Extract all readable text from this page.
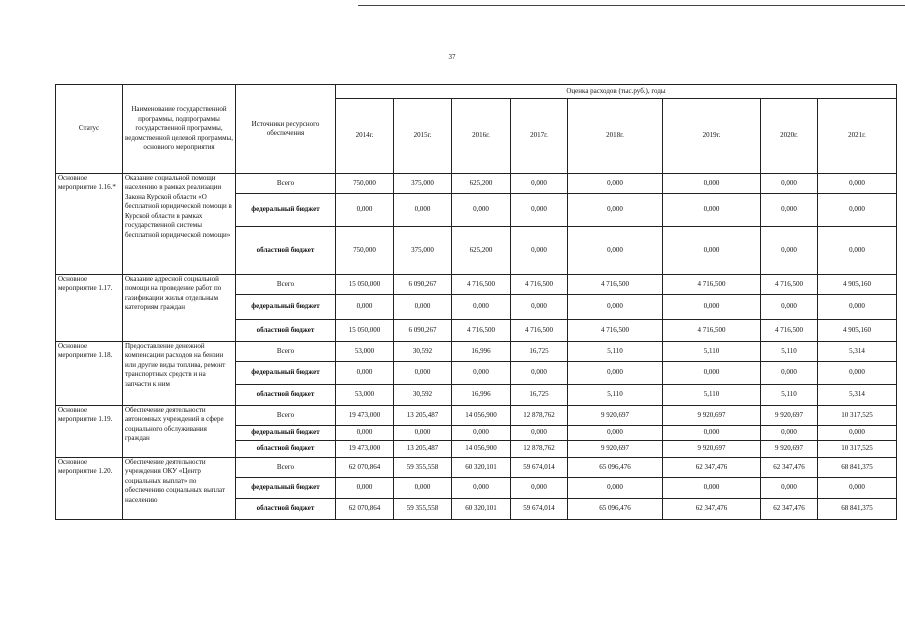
37
Статус	Наименование государственной программы, подпрограммы государственной программы, ведомственной целевой программы, основного мероприятия	Источники ресурсного обеспечения	Оценка расходов (тыс.руб.), годы							
			2014г.	2015г.	2016г.	2017г.	2018г.	2019г.	2020г.	2021г.
Основное мероприятие 1.16.*	Оказание социальной помощи населению в рамках реализации Закона Курской области «О бесплатной юридической помощи в Курской области в рамках государственной системы бесплатной юридической помощи»	Всего	750,000	375,000	625,200	0,000	0,000	0,000	0,000	0,000
		федеральный бюджет	0,000	0,000	0,000	0,000	0,000	0,000	0,000	0,000
		областной бюджет	750,000	375,000	625,200	0,000	0,000	0,000	0,000	0,000
Основное мероприятие 1.17.	Оказание адресной социальной помощи на проведение работ по газификации жилья отдельным категориям граждан	Всего	15 050,000	6 090,267	4 716,500	4 716,500	4 716,500	4 716,500	4 716,500	4 905,160
		федеральный бюджет	0,000	0,000	0,000	0,000	0,000	0,000	0,000	0,000
		областной бюджет	15 050,000	6 090,267	4 716,500	4 716,500	4 716,500	4 716,500	4 716,500	4 905,160
Основное мероприятие 1.18.	Предоставление денежной компенсации расходов на бензин или другие виды топлива, ремонт транспортных средств и на запчасти к ним	Всего	53,000	30,592	16,996	16,725	5,110	5,110	5,110	5,314
		федеральный бюджет	0,000	0,000	0,000	0,000	0,000	0,000	0,000	0,000
		областной бюджет	53,000	30,592	16,996	16,725	5,110	5,110	5,110	5,314
Основное мероприятие 1.19.	Обеспечение деятельности автономных учреждений в сфере социального обслуживания граждан	Всего	19 473,000	13 205,487	14 056,900	12 878,762	9 920,697	9 920,697	9 920,697	10 317,525
		федеральный бюджет	0,000	0,000	0,000	0,000	0,000	0,000	0,000	0,000
		областной бюджет	19 473,000	13 205,487	14 056,900	12 878,762	9 920,697	9 920,697	9 920,697	10 317,525
Основное мероприятие 1.20.	Обеспечение деятельности учреждения ОКУ «Центр социальных выплат» по обеспечению социальных выплат населению	Всего	62 070,864	59 355,558	60 320,101	59 674,014	65 096,476	62 347,476	62 347,476	68 841,375
		федеральный бюджет	0,000	0,000	0,000	0,000	0,000	0,000	0,000	0,000
		областной бюджет	62 070,864	59 355,558	60 320,101	59 674,014	65 096,476	62 347,476	62 347,476	68 841,375
